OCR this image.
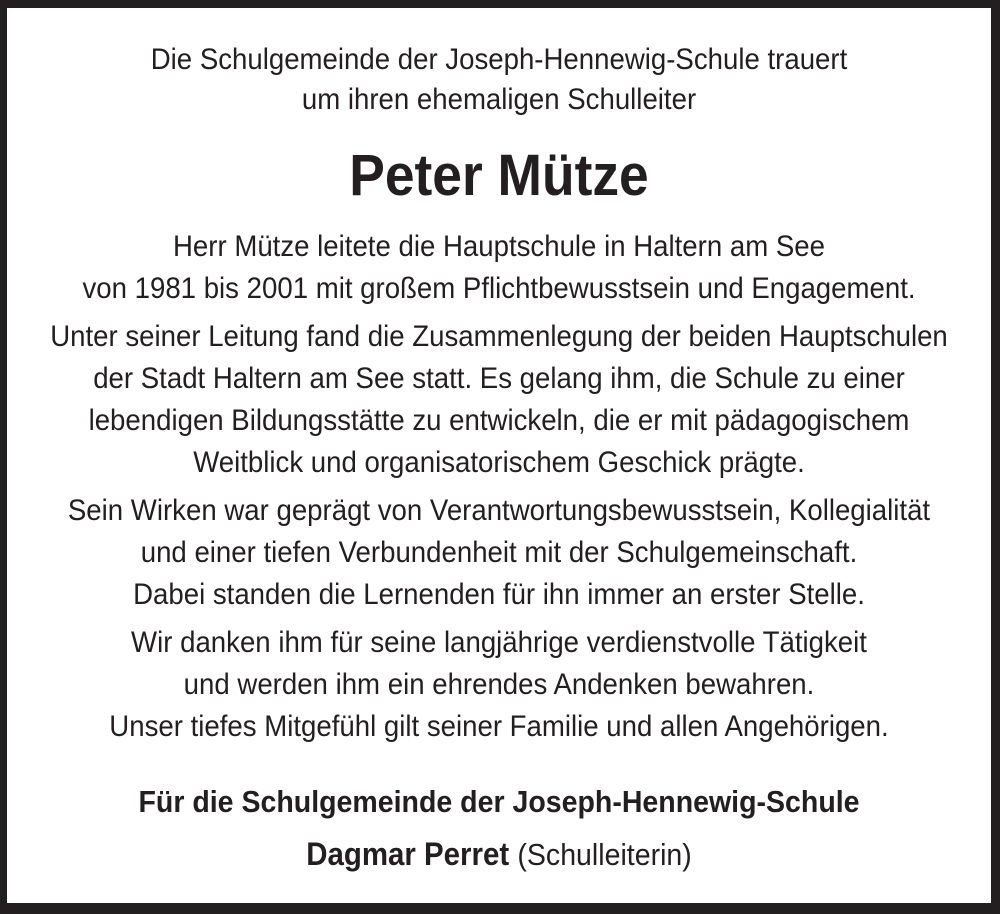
Die Schulgemeinde der Joseph-Hennewig-Schule trauert
um ihren ehemaligen Schulleiter

Peter Mütze

Herr Mütze leitete die Hauptschule in Haltern am See
von 1981 bis 2001 mit großem Pflichtbewusstsein und Engagement.

Unter seiner Leitung fand die Zusammenlegung der beiden Hauptschulen
der Stadt Haltern am See statt. Es gelang ihm, die Schule zu einer
lebendigen Bildungsstätte zu entwickeln, die er mit pädagogischem
Weitblick und organisatorischem Geschick prägte.

Sein Wirken war geprägt von Verantwortungsbewusstsein, Kollegialität
und einer tiefen Verbundenheit mit der Schulgemeinschaft.
Dabei standen die Lernenden für ihn immer an erster Stelle.

Wir danken ihm für seine langjährige verdienstvolle Tätigkeit
und werden ihm ein ehrendes Andenken bewahren.
Unser tiefes Mitgefühl gilt seiner Familie und allen Angehörigen.

Für die Schulgemeinde der Joseph-Hennewig-Schule

Dagmar Perret (Schulleiterin)
